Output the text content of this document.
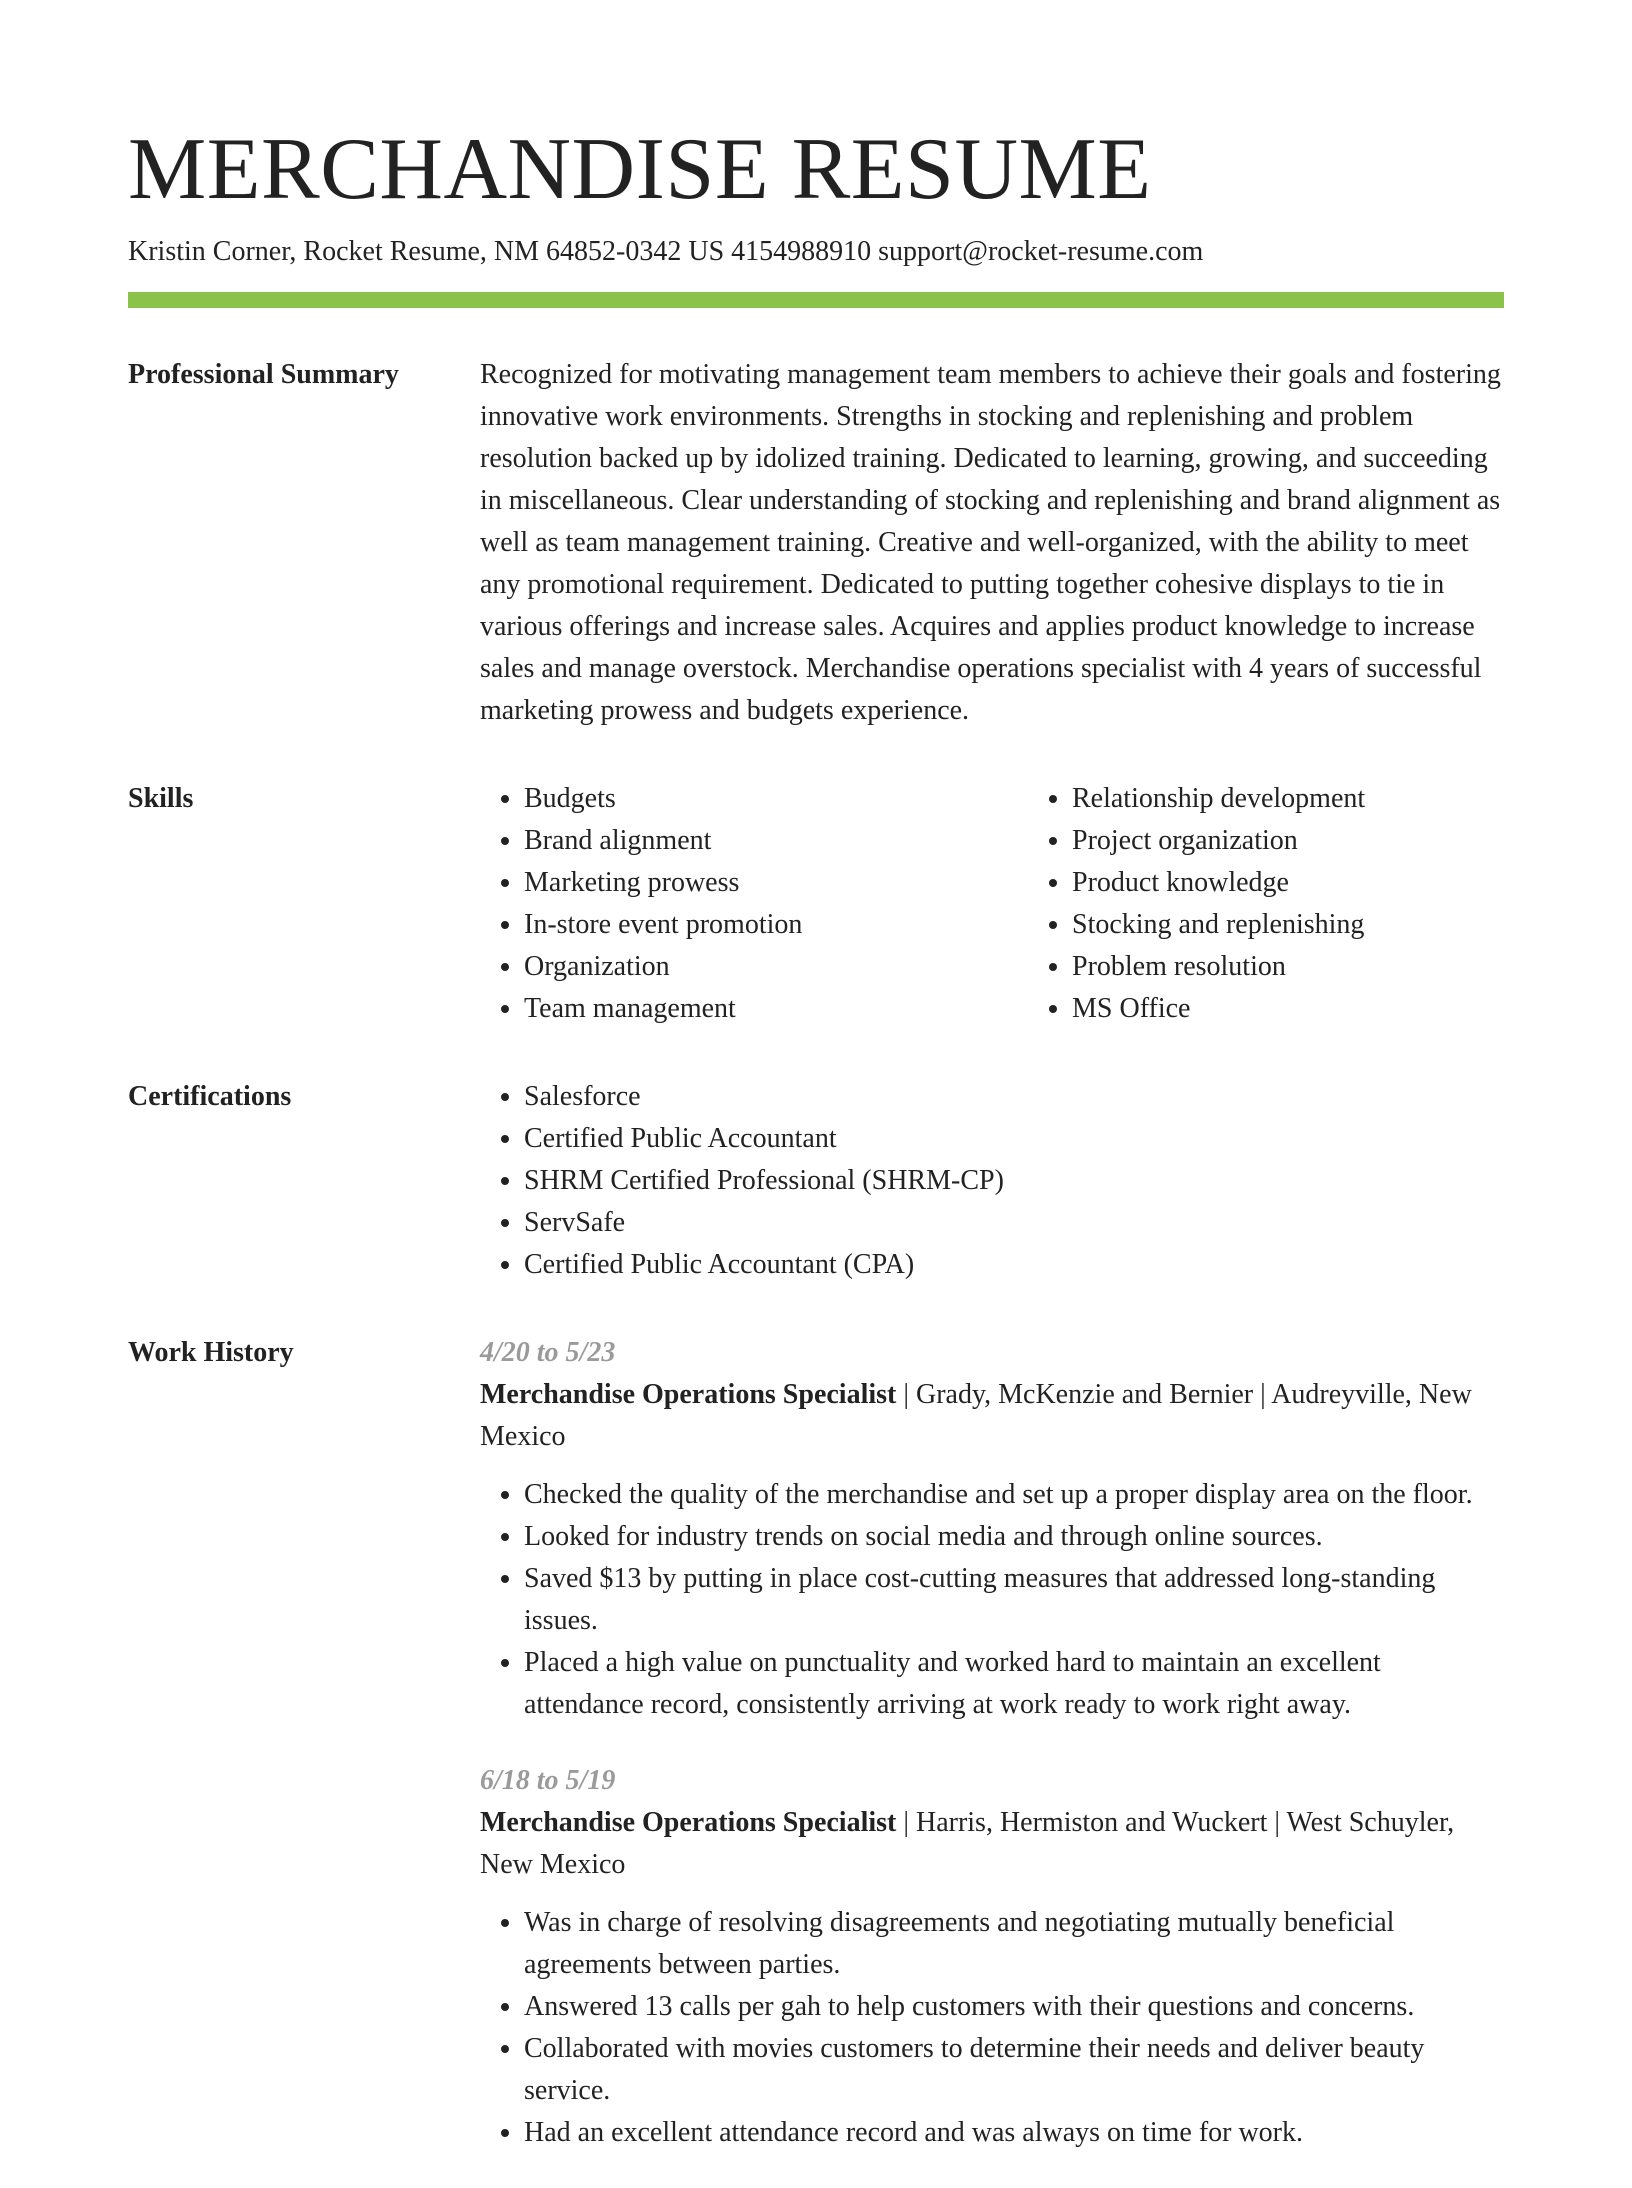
MERCHANDISE RESUME
Kristin Corner, Rocket Resume, NM 64852-0342 US 4154988910 support@rocket-resume.com
Professional Summary	Recognized for motivating management team members to achieve their goals and fostering innovative work environments. Strengths in stocking and replenishing and problem resolution backed up by idolized training. Dedicated to learning, growing, and succeeding in miscellaneous. Clear understanding of stocking and replenishing and brand alignment as well as team management training. Creative and well-organized, with the ability to meet any promotional requirement. Dedicated to putting together cohesive displays to tie in various offerings and increase sales. Acquires and applies product knowledge to increase sales and manage overstock. Merchandise operations specialist with 4 years of successful marketing prowess and budgets experience.

Skills	• Budgets
• Brand alignment
• Marketing prowess
• In-store event promotion
• Organization
• Team management
• Relationship development
• Project organization
• Product knowledge
• Stocking and replenishing
• Problem resolution
• MS Office
Certifications	• Salesforce
• Certified Public Accountant
• SHRM Certified Professional (SHRM-CP)
• ServSafe
• Certified Public Accountant (CPA)
Work History	4/20 to 5/23
Merchandise Operations Specialist | Grady, McKenzie and Bernier | Audreyville, New Mexico
• Checked the quality of the merchandise and set up a proper display area on the floor.
• Looked for industry trends on social media and through online sources.
• Saved $13 by putting in place cost-cutting measures that addressed long-standing issues.
• Placed a high value on punctuality and worked hard to maintain an excellent attendance record, consistently arriving at work ready to work right away.
6/18 to 5/19
Merchandise Operations Specialist | Harris, Hermiston and Wuckert | West Schuyler, New Mexico
• Was in charge of resolving disagreements and negotiating mutually beneficial agreements between parties.
• Answered 13 calls per gah to help customers with their questions and concerns.
• Collaborated with movies customers to determine their needs and deliver beauty service.
• Had an excellent attendance record and was always on time for work.
